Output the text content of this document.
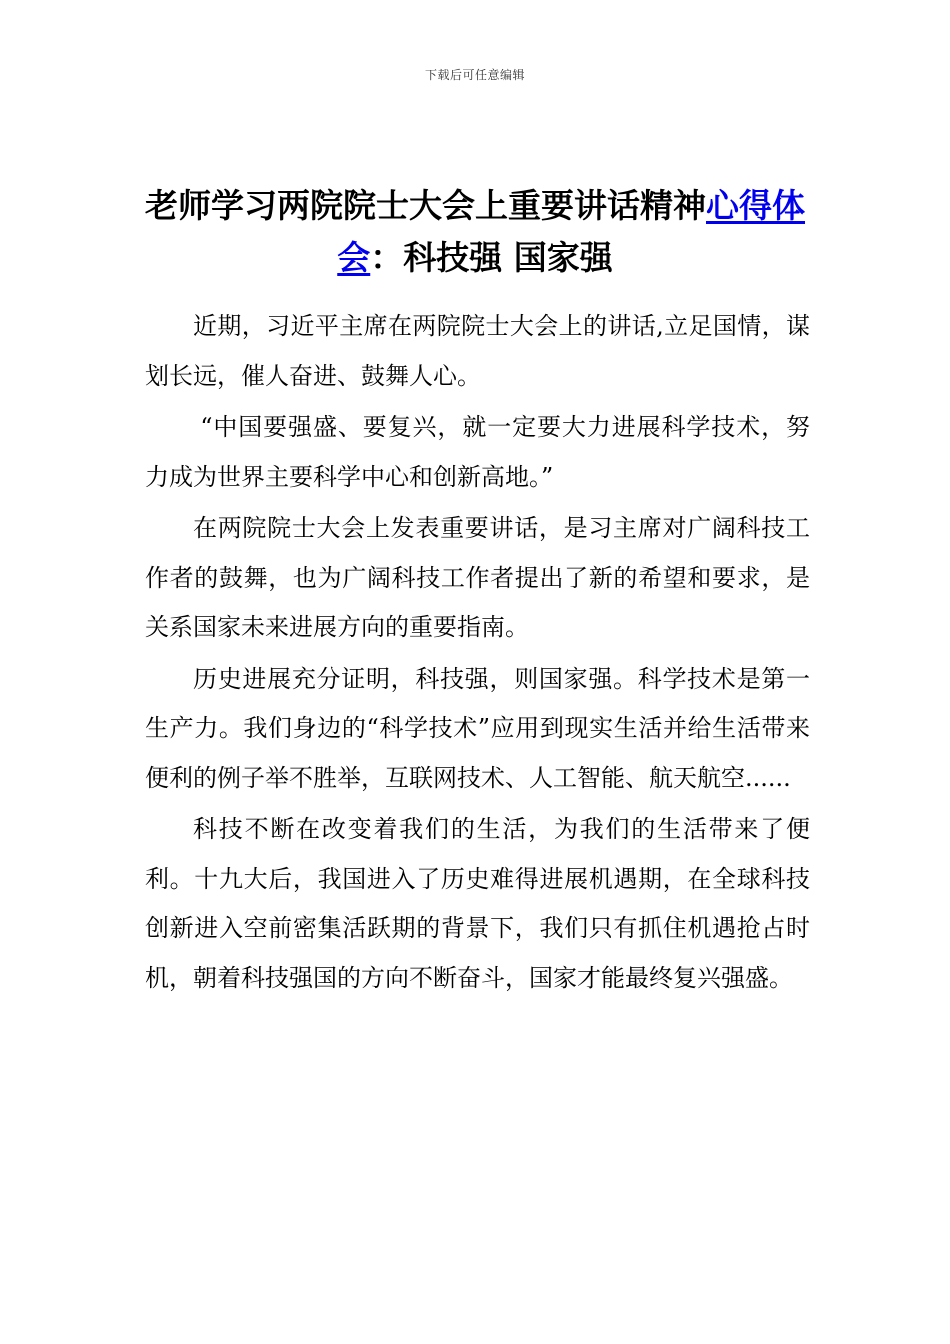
下载后可任意编辑
老师学习两院院士大会上重要讲话精神心得体会：科技强 国家强

近期，习近平主席在两院院士大会上的讲话,立足国情，谋划长远，催人奋进、鼓舞人心。

“中国要强盛、要复兴，就一定要大力进展科学技术，努力成为世界主要科学中心和创新高地。”

在两院院士大会上发表重要讲话，是习主席对广阔科技工作者的鼓舞，也为广阔科技工作者提出了新的希望和要求，是关系国家未来进展方向的重要指南。

历史进展充分证明，科技强，则国家强。科学技术是第一生产力。我们身边的“科学技术”应用到现实生活并给生活带来便利的例子举不胜举，互联网技术、人工智能、航天航空......

科技不断在改变着我们的生活，为我们的生活带来了便利。十九大后，我国进入了历史难得进展机遇期，在全球科技创新进入空前密集活跃期的背景下，我们只有抓住机遇抢占时机，朝着科技强国的方向不断奋斗，国家才能最终复兴强盛。
